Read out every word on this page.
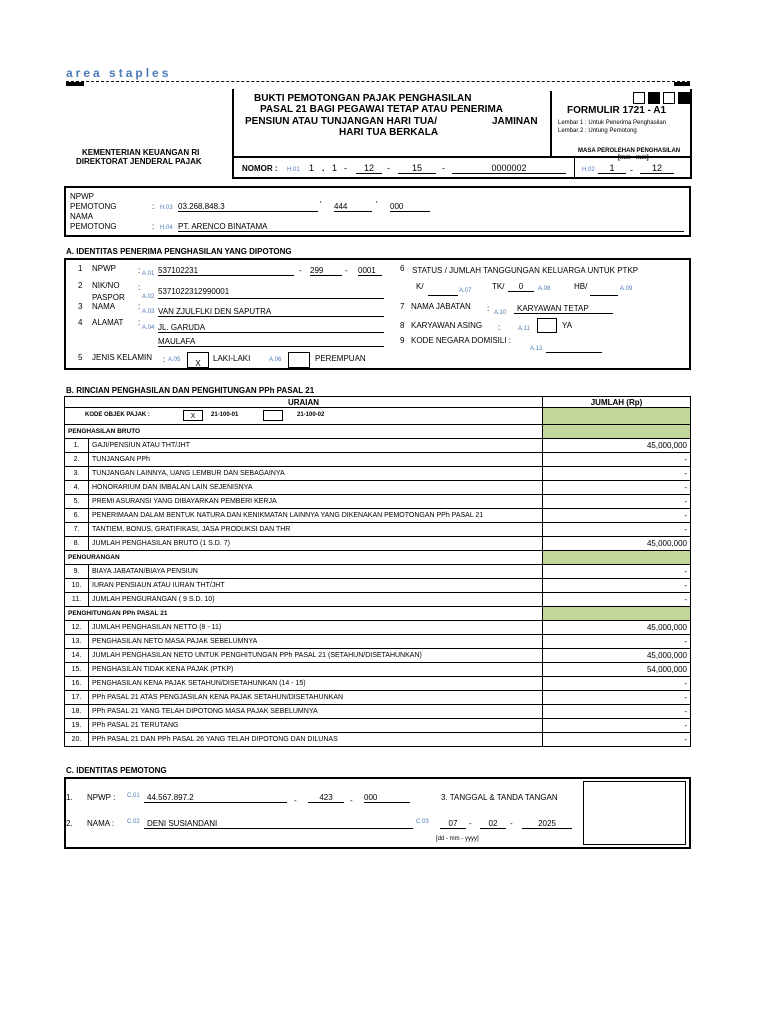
area staples
BUKTI PEMOTONGAN PAJAK PENGHASILAN
PASAL 21 BAGI PEGAWAI TETAP ATAU PENERIMA
PENSIUN ATAU TUNJANGAN HARI TUA/	JAMINAN
HARI TUA BERKALA
KEMENTERIAN KEUANGAN RI
DIREKTORAT JENDERAL PAJAK
FORMULIR 1721 - A1
Lembar 1 : Untuk Penerima Penghasilan
Lembar 2 : Untung Pemotong
MASA PEROLEHAN PENGHASILAN
[mm - mm]
NOMOR : H.01 1 . 1 -	12	-	15	-	0000002	H.02	1	-	12
NPWP
PEMOTONG	: H.03 03.268.848.3	' 444	' 000
NAMA
PEMOTONG	: H.04 PT. ARENCO BINATAMA
A. IDENTITAS PENERIMA PENGHASILAN YANG DIPOTONG
1 NPWP	: A.01 537102231	- 299	- 0001
2 NIK/NO
PASPOR
:
A.02
5371022312990001
3 NAMA	:
A.03 VAN ZJULFLKI DEN SAPUTRA
4 ALAMAT :
A.04 JL. GARUDA
MAULAFA
5 JENIS KELAMIN : A.05	X
LAKI-LAKI	A.06	PEREMPUAN
6 STATUS / JUMLAH TANGGUNGAN KELUARGA UNTUK PTKP
K/	A.07	TK/	0	A.08	HB/	A.09
7 NAMA JABATAN : A.10	KARYAWAN TETAP
8 KARYAWAN ASING :	A.11	YA
9 KODE NEGARA DOMISILI :
A.12
B. RINCIAN PENGHASILAN DAN PENGHITUNGAN PPh PASAL 21
URAIAN		JUMLAH (Rp)

KODE OBJEK PAJAK : X 21-100-01 21-100-02		

PENGHASILAN BRUTO		
1.	GAJI/PENSIUN ATAU THT/JHT	45,000,000
2.	TUNJANGAN PPh	-
3.	TUNJANGAN LAINNYA, UANG LEMBUR DAN SEBAGAINYA	-
4.	HONORARIUM DAN IMBALAN LAIN SEJENISNYA	-
5.	PREMI ASURANSI YANG DIBAYARKAN PEMBERI KERJA	-
6.	PENERIMAAN DALAM BENTUK NATURA DAN KENIKMATAN LAINNYA YANG DIKENAKAN PEMOTONGAN PPh PASAL 21	-
7.	TANTIEM, BONUS, GRATIFIKASI, JASA PRODUKSI DAN THR	-
8.	JUMLAH PENGHASILAN BRUTO (1 S.D. 7)	45,000,000
PENGURANGAN		
9.	BIAYA JABATAN/BIAYA PENSIUN	-
10.	IURAN PENSIAUN ATAU IURAN THT/JHT	-
11.	JUMLAH PENGURANGAN ( 9 S.D. 10)	-
PENGHITUNGAN PPh PASAL 21		
12.	JUMLAH PENGHASILAN NETTO (8 - 11)	45,000,000
13.	PENGHASILAN NETO MASA PAJAK SEBELUMNYA	-
14.	JUMLAH PENGHASILAN NETO UNTUK PENGHITUNGAN PPh PASAL 21 (SETAHUN/DISETAHUNKAN)	45,000,000
15.	PENGHASILAN TIDAK KENA PAJAK (PTKP)	54,000,000
16.	PENGHASILAN KENA PAJAK SETAHUN/DISETAHUNKAN (14 - 15)	-
17.	PPh PASAL 21 ATAS PENGJASILAN KENA PAJAK SETAHUN/DISETAHUNKAN	-
18.	PPh PASAL 21 YANG TELAH DIPOTONG MASA PAJAK SEBELUMNYA	-
19.	PPh PASAL 21 TERUTANG	-
20.	PPh PASAL 21 DAN PPh PASAL 26 YANG TELAH DIPOTONG DAN DILUNAS	-
C. IDENTITAS PEMOTONG
1. NPWP : C.01 44.567.897.2	-	423	- 000	3. TANGGAL & TANDA TANGAN
2. NAMA : C.02 DENI SUSIANDANI	C.03	07	-	02	-	2025
[dd - mm - yyyy]
